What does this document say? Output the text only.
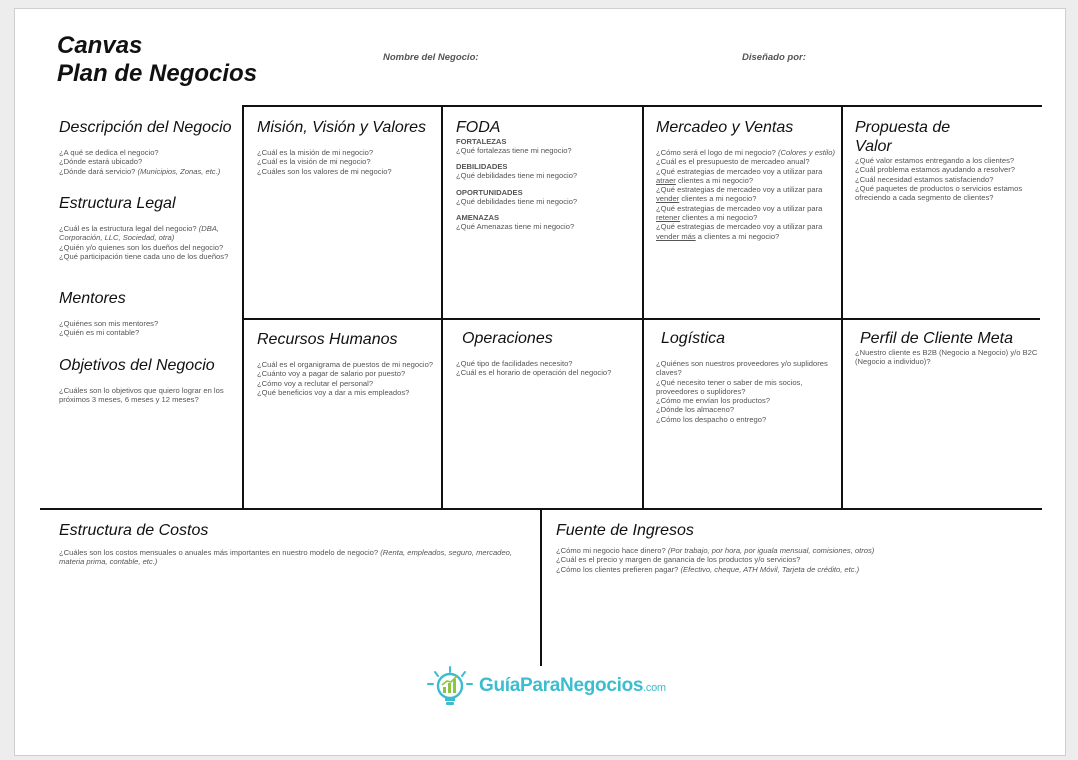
Canvas
Plan de Negocios
Nombre del Negocio:	Diseñado por:

Descripción del Negocio

¿A qué se dedica el negocio?
¿Dónde estará ubicado?
¿Dónde dará servicio? (Municipios, Zonas, etc.)

Estructura Legal

¿Cuál es la estructura legal del negocio? (DBA, Corporación, LLC, Sociedad, otra)
¿Quién y/o quienes son los dueños del negocio?
¿Qué participación tiene cada uno de los dueños?

Mentores

¿Quiénes son mis mentores?
¿Quién es mi contable?

Objetivos del Negocio

¿Cuáles son lo objetivos que quiero lograr en los próximos 3 meses, 6 meses y 12 meses?

Misión, Visión y Valores

¿Cuál es la misión de mi negocio?
¿Cuál es la visión de mi negocio?
¿Cuáles son los valores de mi negocio?

FODA

FORTALEZAS
¿Qué fortalezas tiene mi negocio?
DEBILIDADES
¿Qué debilidades tiene mi negocio?
OPORTUNIDADES
¿Qué debilidades tiene mi negocio?
AMENAZAS
¿Qué Amenazas tiene mi negocio?

Mercadeo y Ventas

¿Cómo será el logo de mi negocio? (Colores y estilo)
¿Cuál es el presupuesto de mercadeo anual?
¿Qué estrategias de mercadeo voy a utilizar para atraer clientes a mi negocio?
¿Qué estrategias de mercadeo voy a utilizar para vender clientes a mi negocio?
¿Qué estrategias de mercadeo voy a utilizar para retener clientes a mi negocio?
¿Qué estrategias de mercadeo voy a utilizar para vender más a clientes a mi negocio?

Propuesta de
Valor

¿Qué valor estamos entregando a los clientes?
¿Cuál problema estamos ayudando a resolver?
¿Cuál necesidad estamos satisfaciendo?
¿Qué paquetes de productos o servicios estamos ofreciendo a cada segmento de clientes?

Recursos Humanos

¿Cuál es el organigrama de puestos de mi negocio?
¿Cuánto voy a pagar de salario por puesto?
¿Cómo voy a reclutar el personal?
¿Qué beneficios voy a dar a mis empleados?

Operaciones

¿Qué tipo de facilidades necesito?
¿Cuál es el horario de operación del negocio?

Logística

¿Quiénes son nuestros proveedores y/o suplidores claves?
¿Qué necesito tener o saber de mis socios, proveedores o suplidores?
¿Cómo me envían los productos?
¿Dónde los almaceno?
¿Cómo los despacho o entrego?

Perfil de Cliente Meta

¿Nuestro cliente es B2B (Negocio a Negocio) y/o B2C (Negocio a individuo)?

Estructura de Costos

¿Cuáles son los costos mensuales o anuales más importantes en nuestro modelo de negocio? (Renta, empleados, seguro, mercadeo, materia prima, contable, etc.)

Fuente de Ingresos

¿Cómo mi negocio hace dinero? (Por trabajo, por hora, por iguala mensual, comisiones, otros)
¿Cuál es el precio y margen de ganancia de los productos y/o servicios?
¿Cómo los clientes prefieren pagar? (Efectivo, cheque, ATH Móvil, Tarjeta de crédito, etc.)
GuíaParaNegocios.com
